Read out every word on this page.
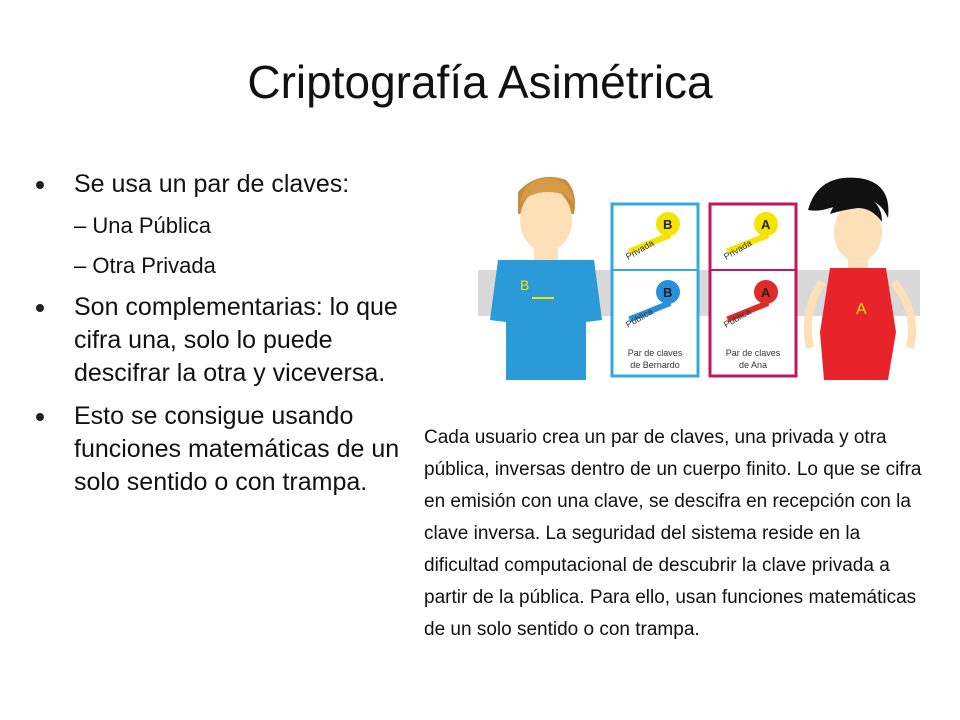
Criptografía Asimétrica
Se usa un par de claves:
– Una Pública
– Otra Privada
Son complementarias: lo que cifra una, solo lo puede descifrar la otra y viceversa.
Esto se consigue usando funciones matemáticas de un solo sentido o con trampa.
B
B
Privada
B
Pública
Par de claves
de Bernardo
A
Privada
A
Pública
Par de claves
de Ana
A
Cada usuario crea un par de claves, una privada y otra pública, inversas dentro de un cuerpo finito. Lo que se cifra en emisión con una clave, se descifra en recepción con la clave inversa. La seguridad del sistema reside en la dificultad computacional de descubrir la clave privada a partir de la pública. Para ello, usan funciones matemáticas de un solo sentido o con trampa.
